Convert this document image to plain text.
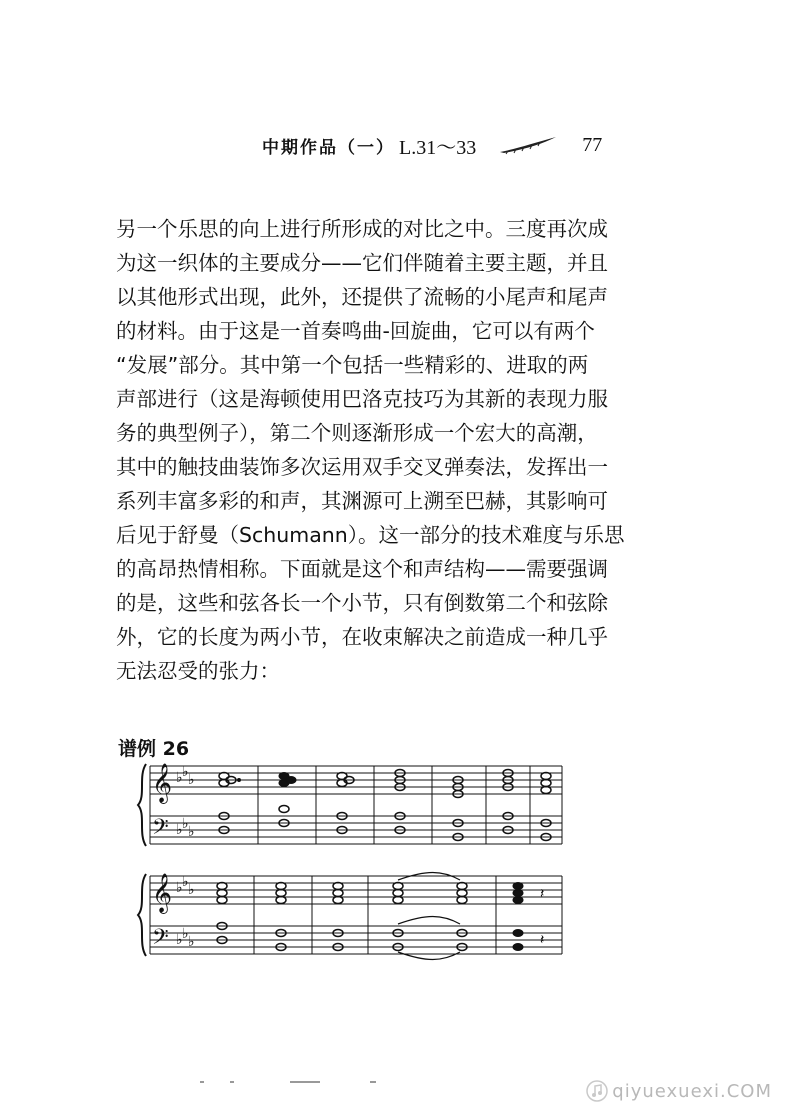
中期作品（一） L.31～33	77
另一个乐思的向上进行所形成的对比之中。三度再次成
为这一织体的主要成分——它们伴随着主要主题，并且
以其他形式出现，此外，还提供了流畅的小尾声和尾声
的材料。由于这是一首奏鸣曲-回旋曲，它可以有两个
“发展”部分。其中第一个包括一些精彩的、进取的两
声部进行（这是海顿使用巴洛克技巧为其新的表现力服
务的典型例子），第二个则逐渐形成一个宏大的高潮，
其中的触技曲装饰多次运用双手交叉弹奏法，发挥出一
系列丰富多彩的和声，其渊源可上溯至巴赫，其影响可
后见于舒曼（Schumann）。这一部分的技术难度与乐思
的高昂热情相称。下面就是这个和声结构——需要强调
的是，这些和弦各长一个小节，只有倒数第二个和弦除
外，它的长度为两小节，在收束解决之前造成一种几乎
无法忍受的张力：
谱例 26
𝄞
𝄢
𝄞
𝄢
♭ ♭ ♭
♭ ♭ ♭
♭ ♭ ♭
♭ ♭ ♭
𝄽
𝄽
qiyuexuexi.COM
